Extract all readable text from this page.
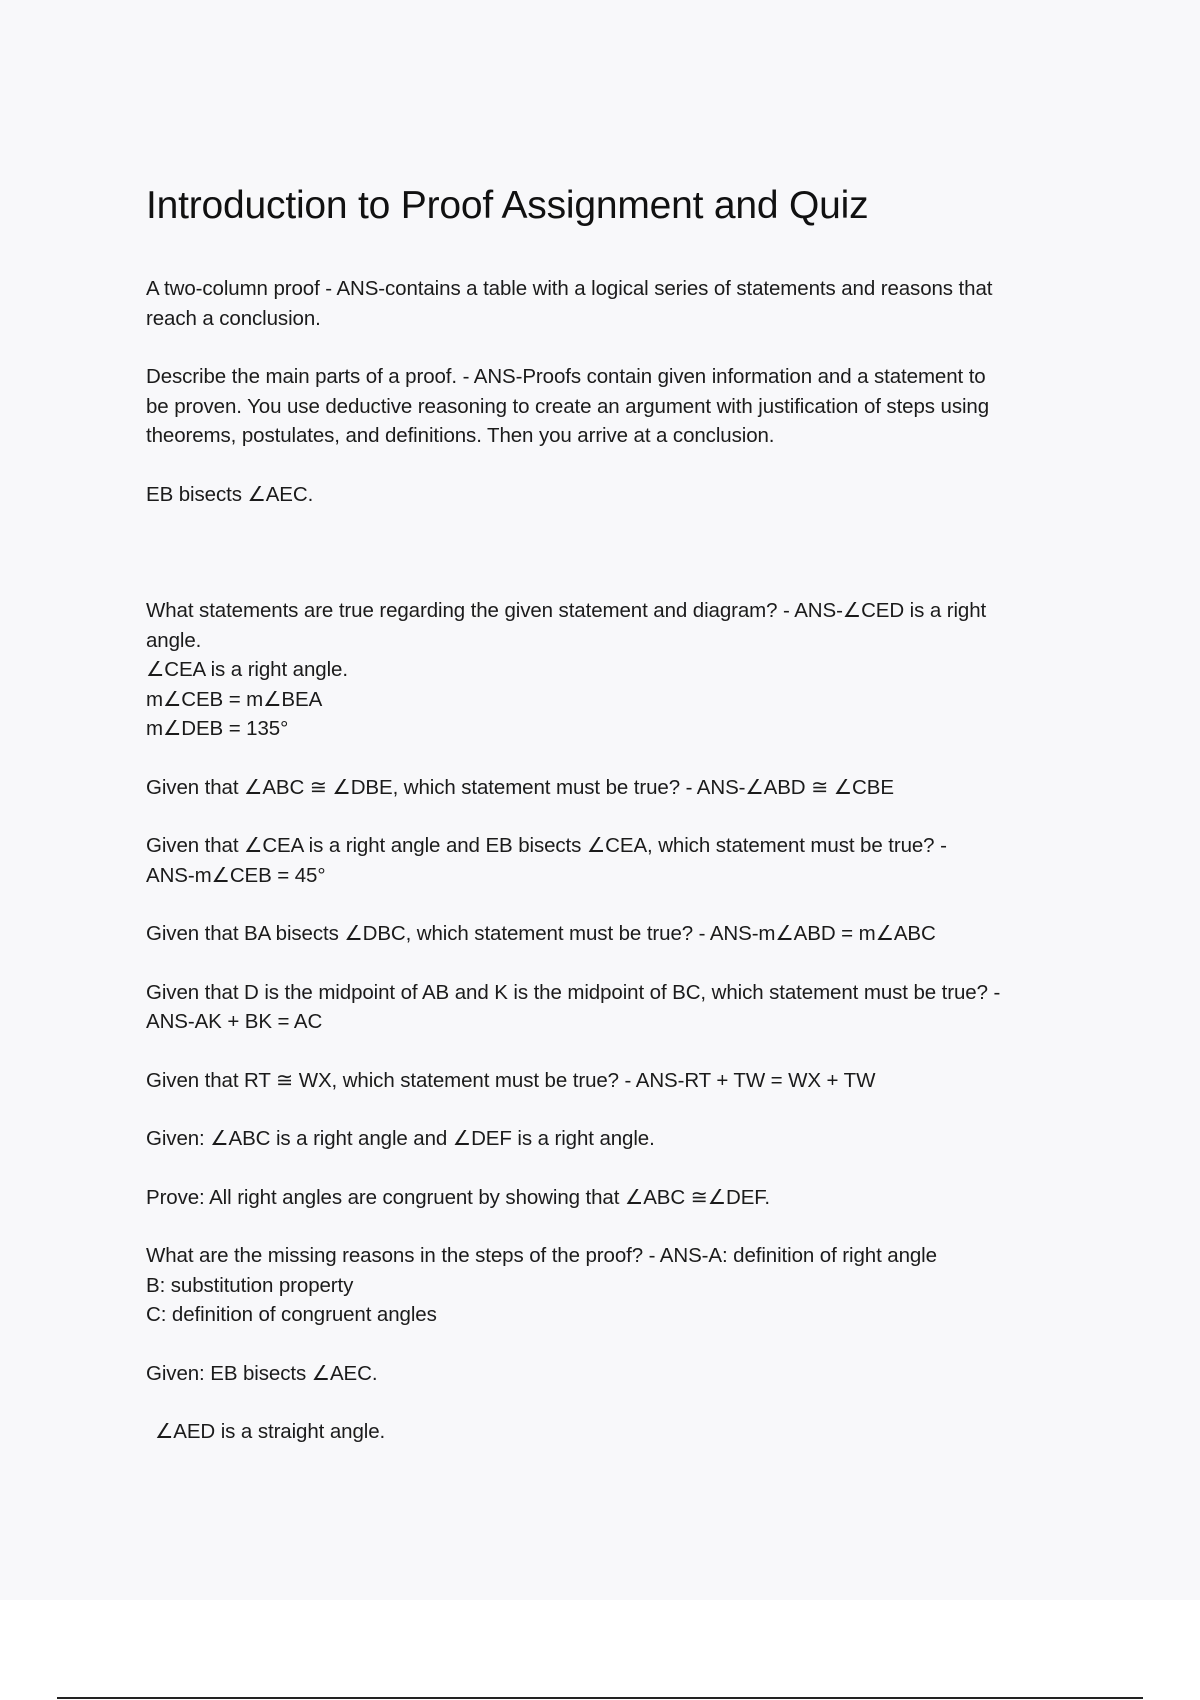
Introduction to Proof Assignment and Quiz

A two-column proof - ANS-contains a table with a logical series of statements and reasons that
reach a conclusion.

Describe the main parts of a proof. - ANS-Proofs contain given information and a statement to
be proven. You use deductive reasoning to create an argument with justification of steps using
theorems, postulates, and definitions. Then you arrive at a conclusion.

EB bisects ∠AEC.

What statements are true regarding the given statement and diagram? - ANS-∠CED is a right
angle.
∠CEA is a right angle.
m∠CEB = m∠BEA
m∠DEB = 135°

Given that ∠ABC ≅ ∠DBE, which statement must be true? - ANS-∠ABD ≅ ∠CBE

Given that ∠CEA is a right angle and EB bisects ∠CEA, which statement must be true? -
ANS-m∠CEB = 45°

Given that BA bisects ∠DBC, which statement must be true? - ANS-m∠ABD = m∠ABC

Given that D is the midpoint of AB and K is the midpoint of BC, which statement must be true? -
ANS-AK + BK = AC

Given that RT ≅ WX, which statement must be true? - ANS-RT + TW = WX + TW

Given: ∠ABC is a right angle and ∠DEF is a right angle.

Prove: All right angles are congruent by showing that ∠ABC ≅∠DEF.

What are the missing reasons in the steps of the proof? - ANS-A: definition of right angle
B: substitution property
C: definition of congruent angles

Given: EB bisects ∠AEC.

∠AED is a straight angle.
